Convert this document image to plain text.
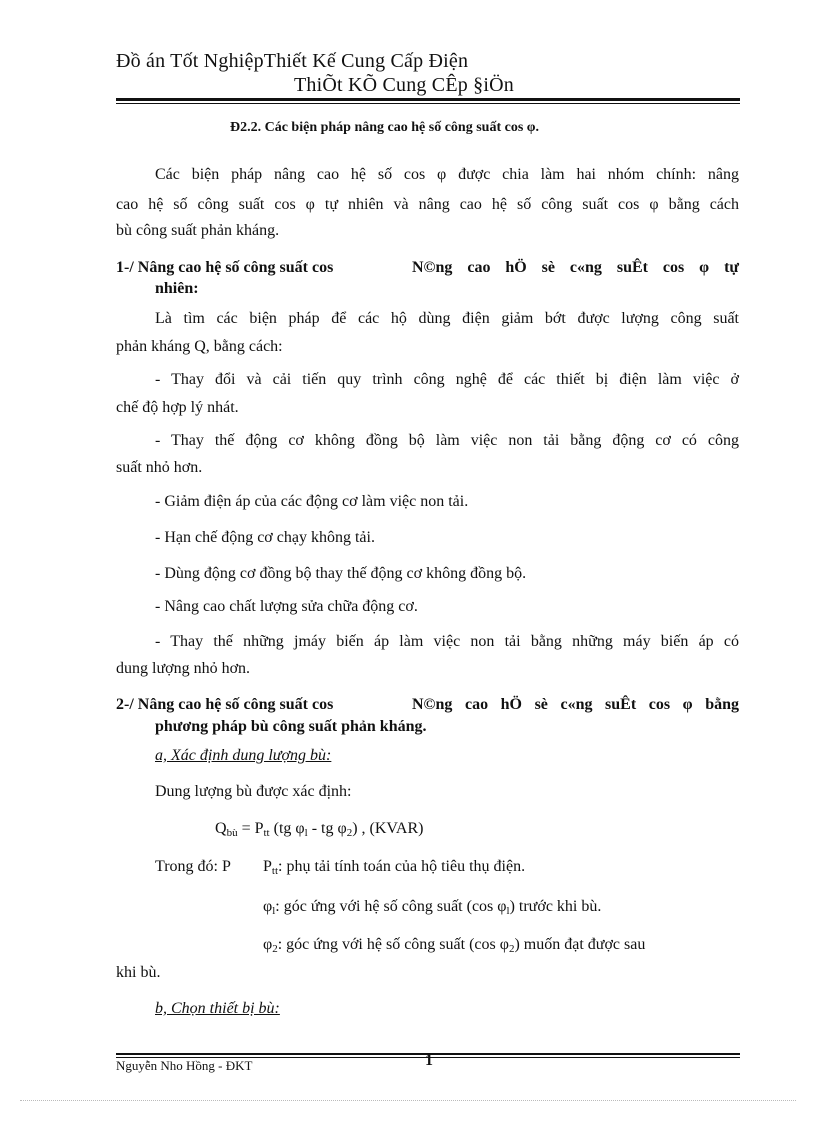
Đồ án Tốt NghiệpThiết Kế Cung Cấp Điện
ThiÕt KÕ Cung CÊp §iÖn
Đ2.2. Các biện pháp nâng cao hệ số công suất cos φ.
Các biện pháp nâng cao hệ số cos φ được chia làm hai nhóm chính: nâng
cao hệ số công suất cos φ tự nhiên và nâng cao hệ số công suất cos φ bằng cách
bù công suất phản kháng.
1-/ Nâng cao hệ số công suất cos	N©ng cao hÖ sè c«ng suÊt cos φ tự
nhiên:
Là tìm các biện pháp để các hộ dùng điện giảm bớt được lượng công suất
phản kháng Q, bằng cách:
- Thay đổi và cải tiến quy trình công nghệ để các thiết bị điện làm việc ở
chế độ hợp lý nhát.
- Thay thế động cơ không đồng bộ làm việc non tải bằng động cơ có công
suất nhỏ hơn.
- Giảm điện áp của các động cơ làm việc non tải.
- Hạn chế động cơ chạy không tải.
- Dùng động cơ đồng bộ thay thế động cơ không đồng bộ.
- Nâng cao chất lượng sửa chữa động cơ.
- Thay thế những jmáy biến áp làm việc non tải bằng những máy biến áp có
dung lượng nhỏ hơn.
2-/ Nâng cao hệ số công suất cos	N©ng cao hÖ sè c«ng suÊt cos φ bằng
phương pháp bù công suất phản kháng.
a, Xác định dung lượng bù:
Dung lượng bù được xác định:
$Q_{bù} = P_{tt}$ (tg $\varphi_l$ - tg $\varphi_2$) , (KVAR)
Trong đó: P $P_{tt}$: phụ tải tính toán của hộ tiêu thụ điện.
$\varphi_l$: góc ứng với hệ số công suất (cos $\varphi_l$) trước khi bù.
$\varphi_2$: góc ứng với hệ số công suất (cos $\varphi_2$) muốn đạt được sau
khi bù.
b, Chọn thiết bị bù:
Nguyễn Nho Hồng - ĐKT	1
